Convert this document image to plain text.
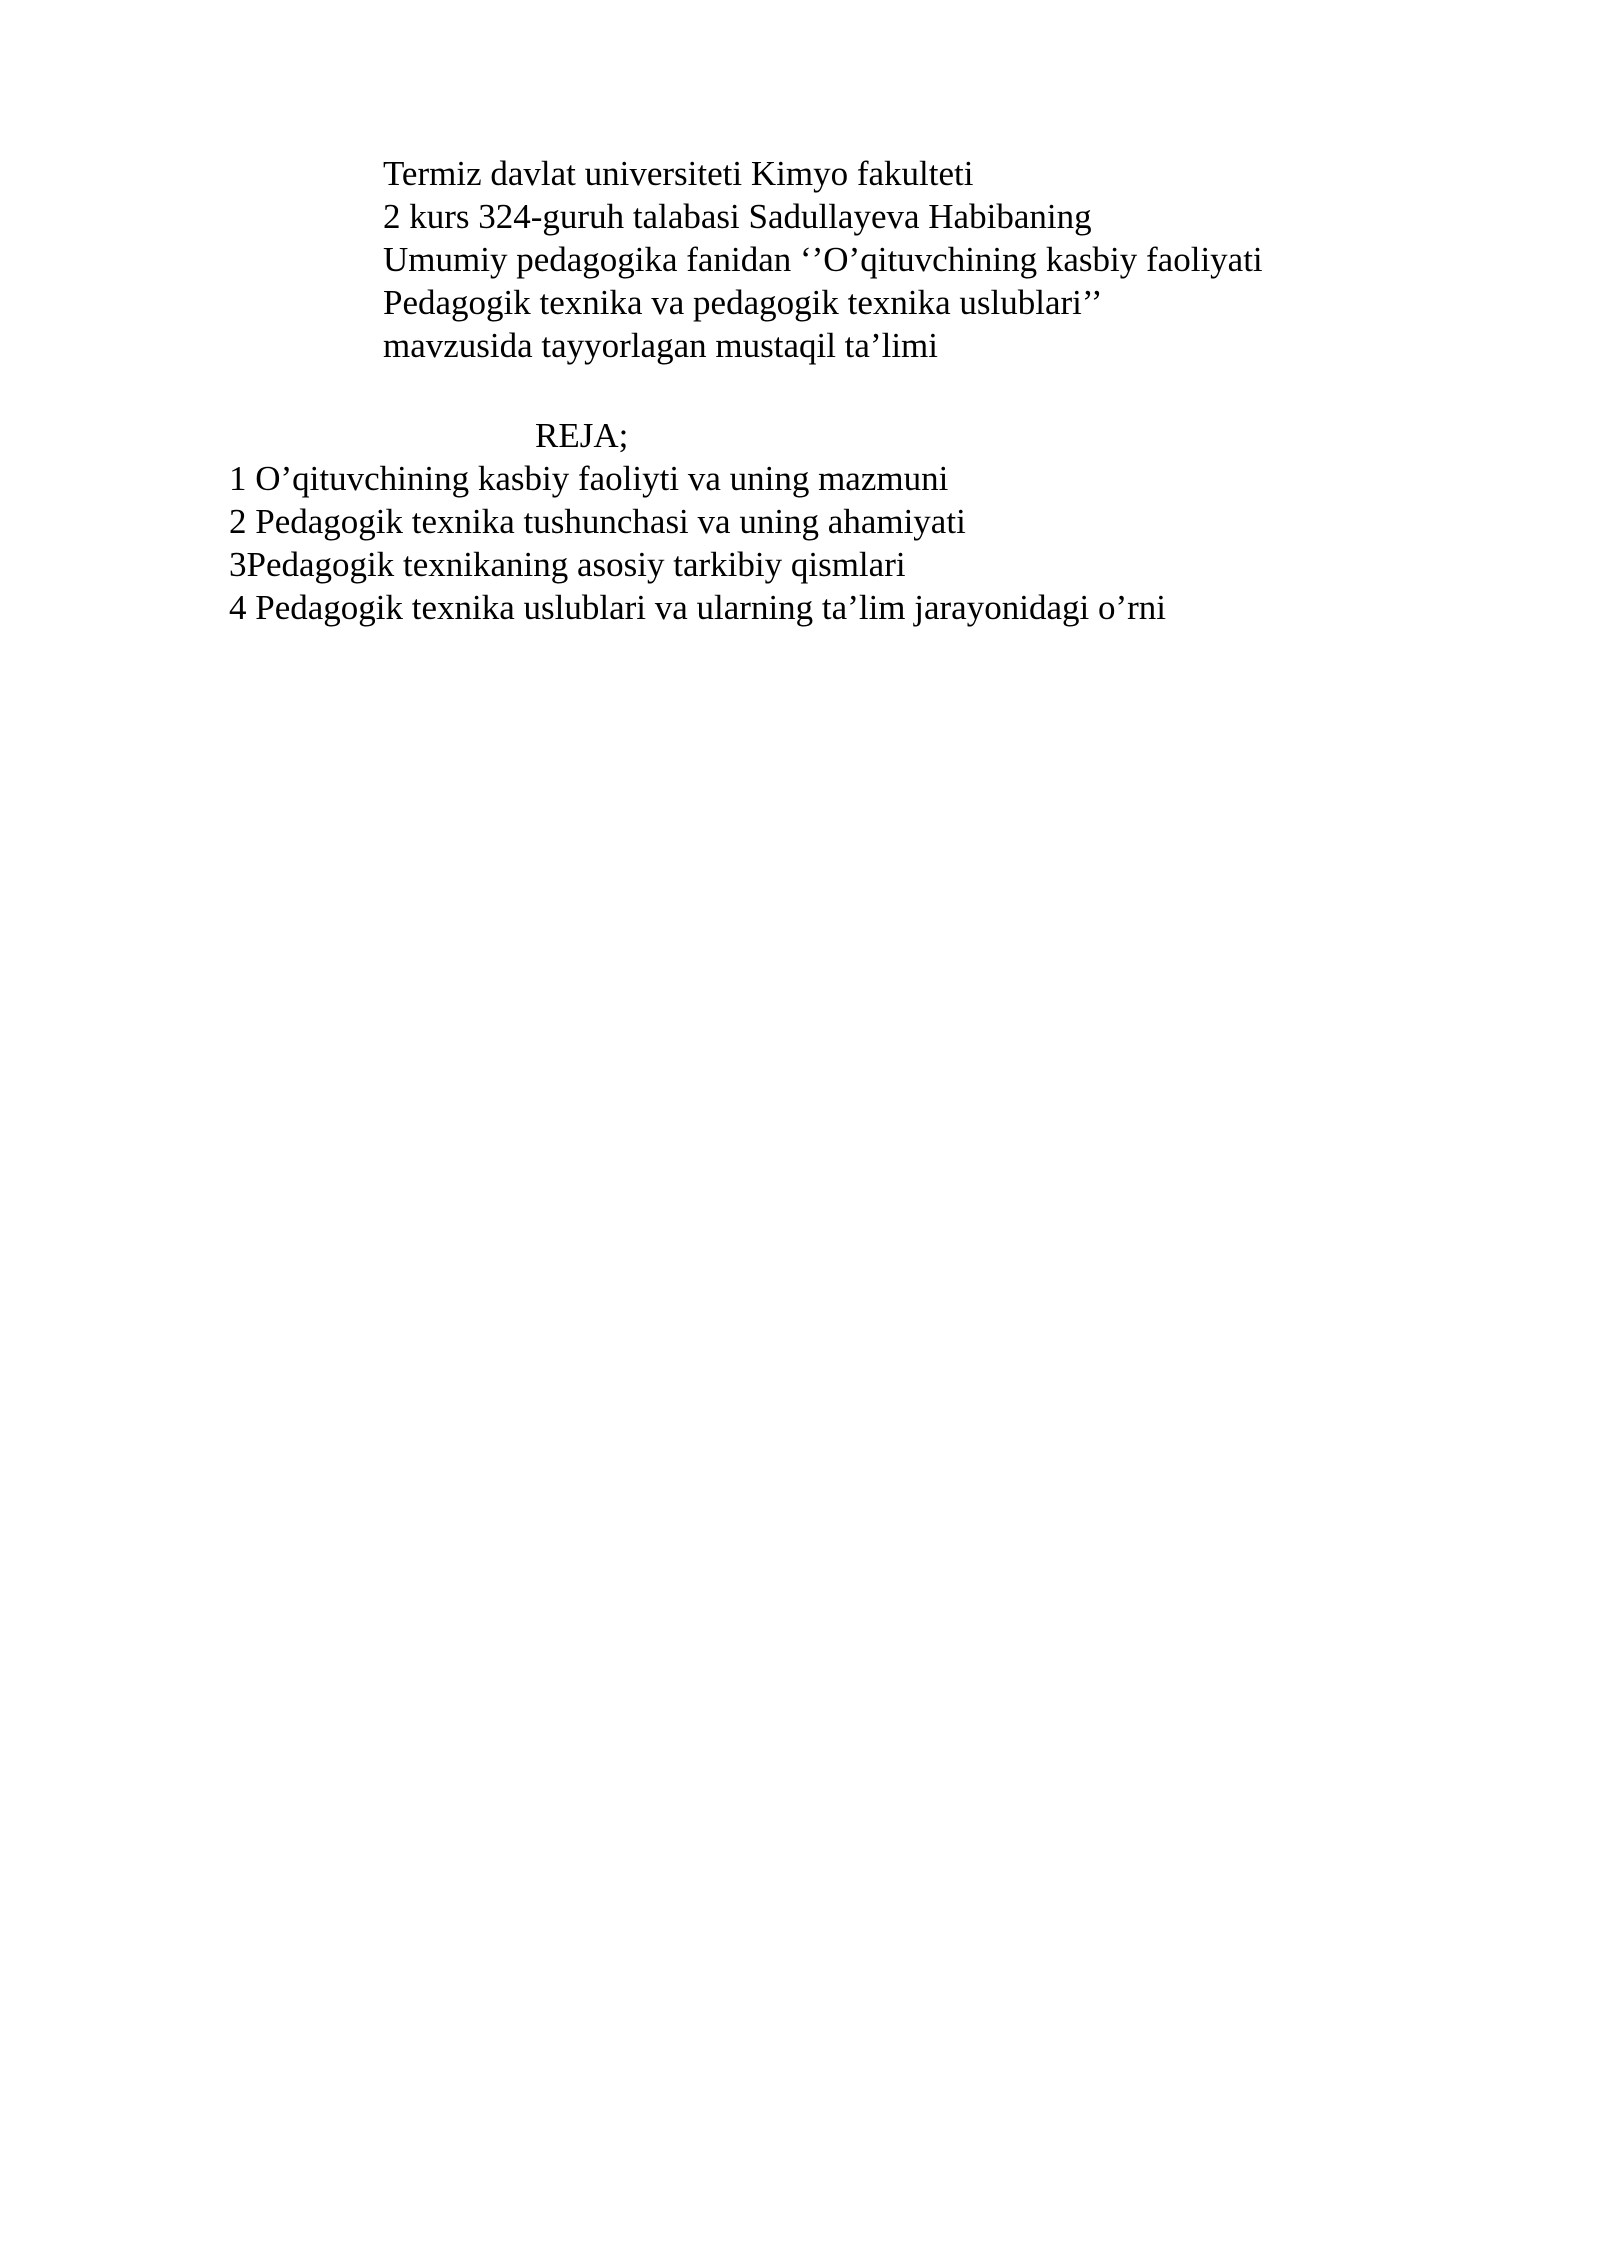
Termiz davlat universiteti Kimyo fakulteti
2 kurs 324-guruh talabasi Sadullayeva Habibaning
Umumiy pedagogika fanidan ‘’O’qituvchining kasbiy faoliyati
Pedagogik texnika va pedagogik texnika uslublari’’
mavzusida tayyorlagan mustaqil ta’limi
REJA;
1 O’qituvchining kasbiy faoliyti va uning mazmuni
2 Pedagogik texnika tushunchasi va uning ahamiyati
3Pedagogik texnikaning asosiy tarkibiy qismlari
4 Pedagogik texnika uslublari va ularning ta’lim jarayonidagi o’rni
